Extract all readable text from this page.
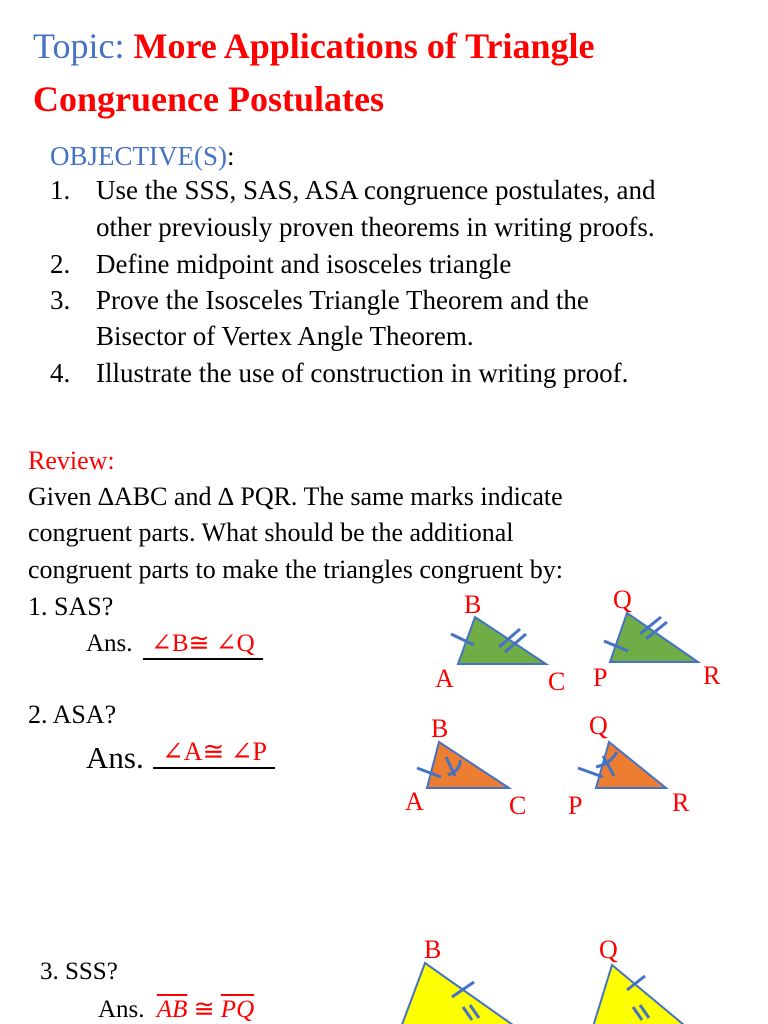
Topic: More Applications of Triangle
Congruence Postulates
OBJECTIVE(S):
1. Use the SSS, SAS, ASA congruence postulates, and
other previously proven theorems in writing proofs.
2. Define midpoint and isosceles triangle
3. Prove the Isosceles Triangle Theorem and the
Bisector of Vertex Angle Theorem.
4. Illustrate the use of construction in writing proof.
Review:
Given ∆ABC and ∆ PQR. The same marks indicate
congruent parts. What should be the additional
congruent parts to make the triangles congruent by:
1. SAS?
Ans. ∠B≅ ∠Q
2. ASA?
Ans. ∠A≅ ∠P
3. SSS?
Ans. $\overline{AB}$ ≅ $\overline{PQ}$
B	Q
A	C P	R
B	Q
A	C P	R
B	Q
